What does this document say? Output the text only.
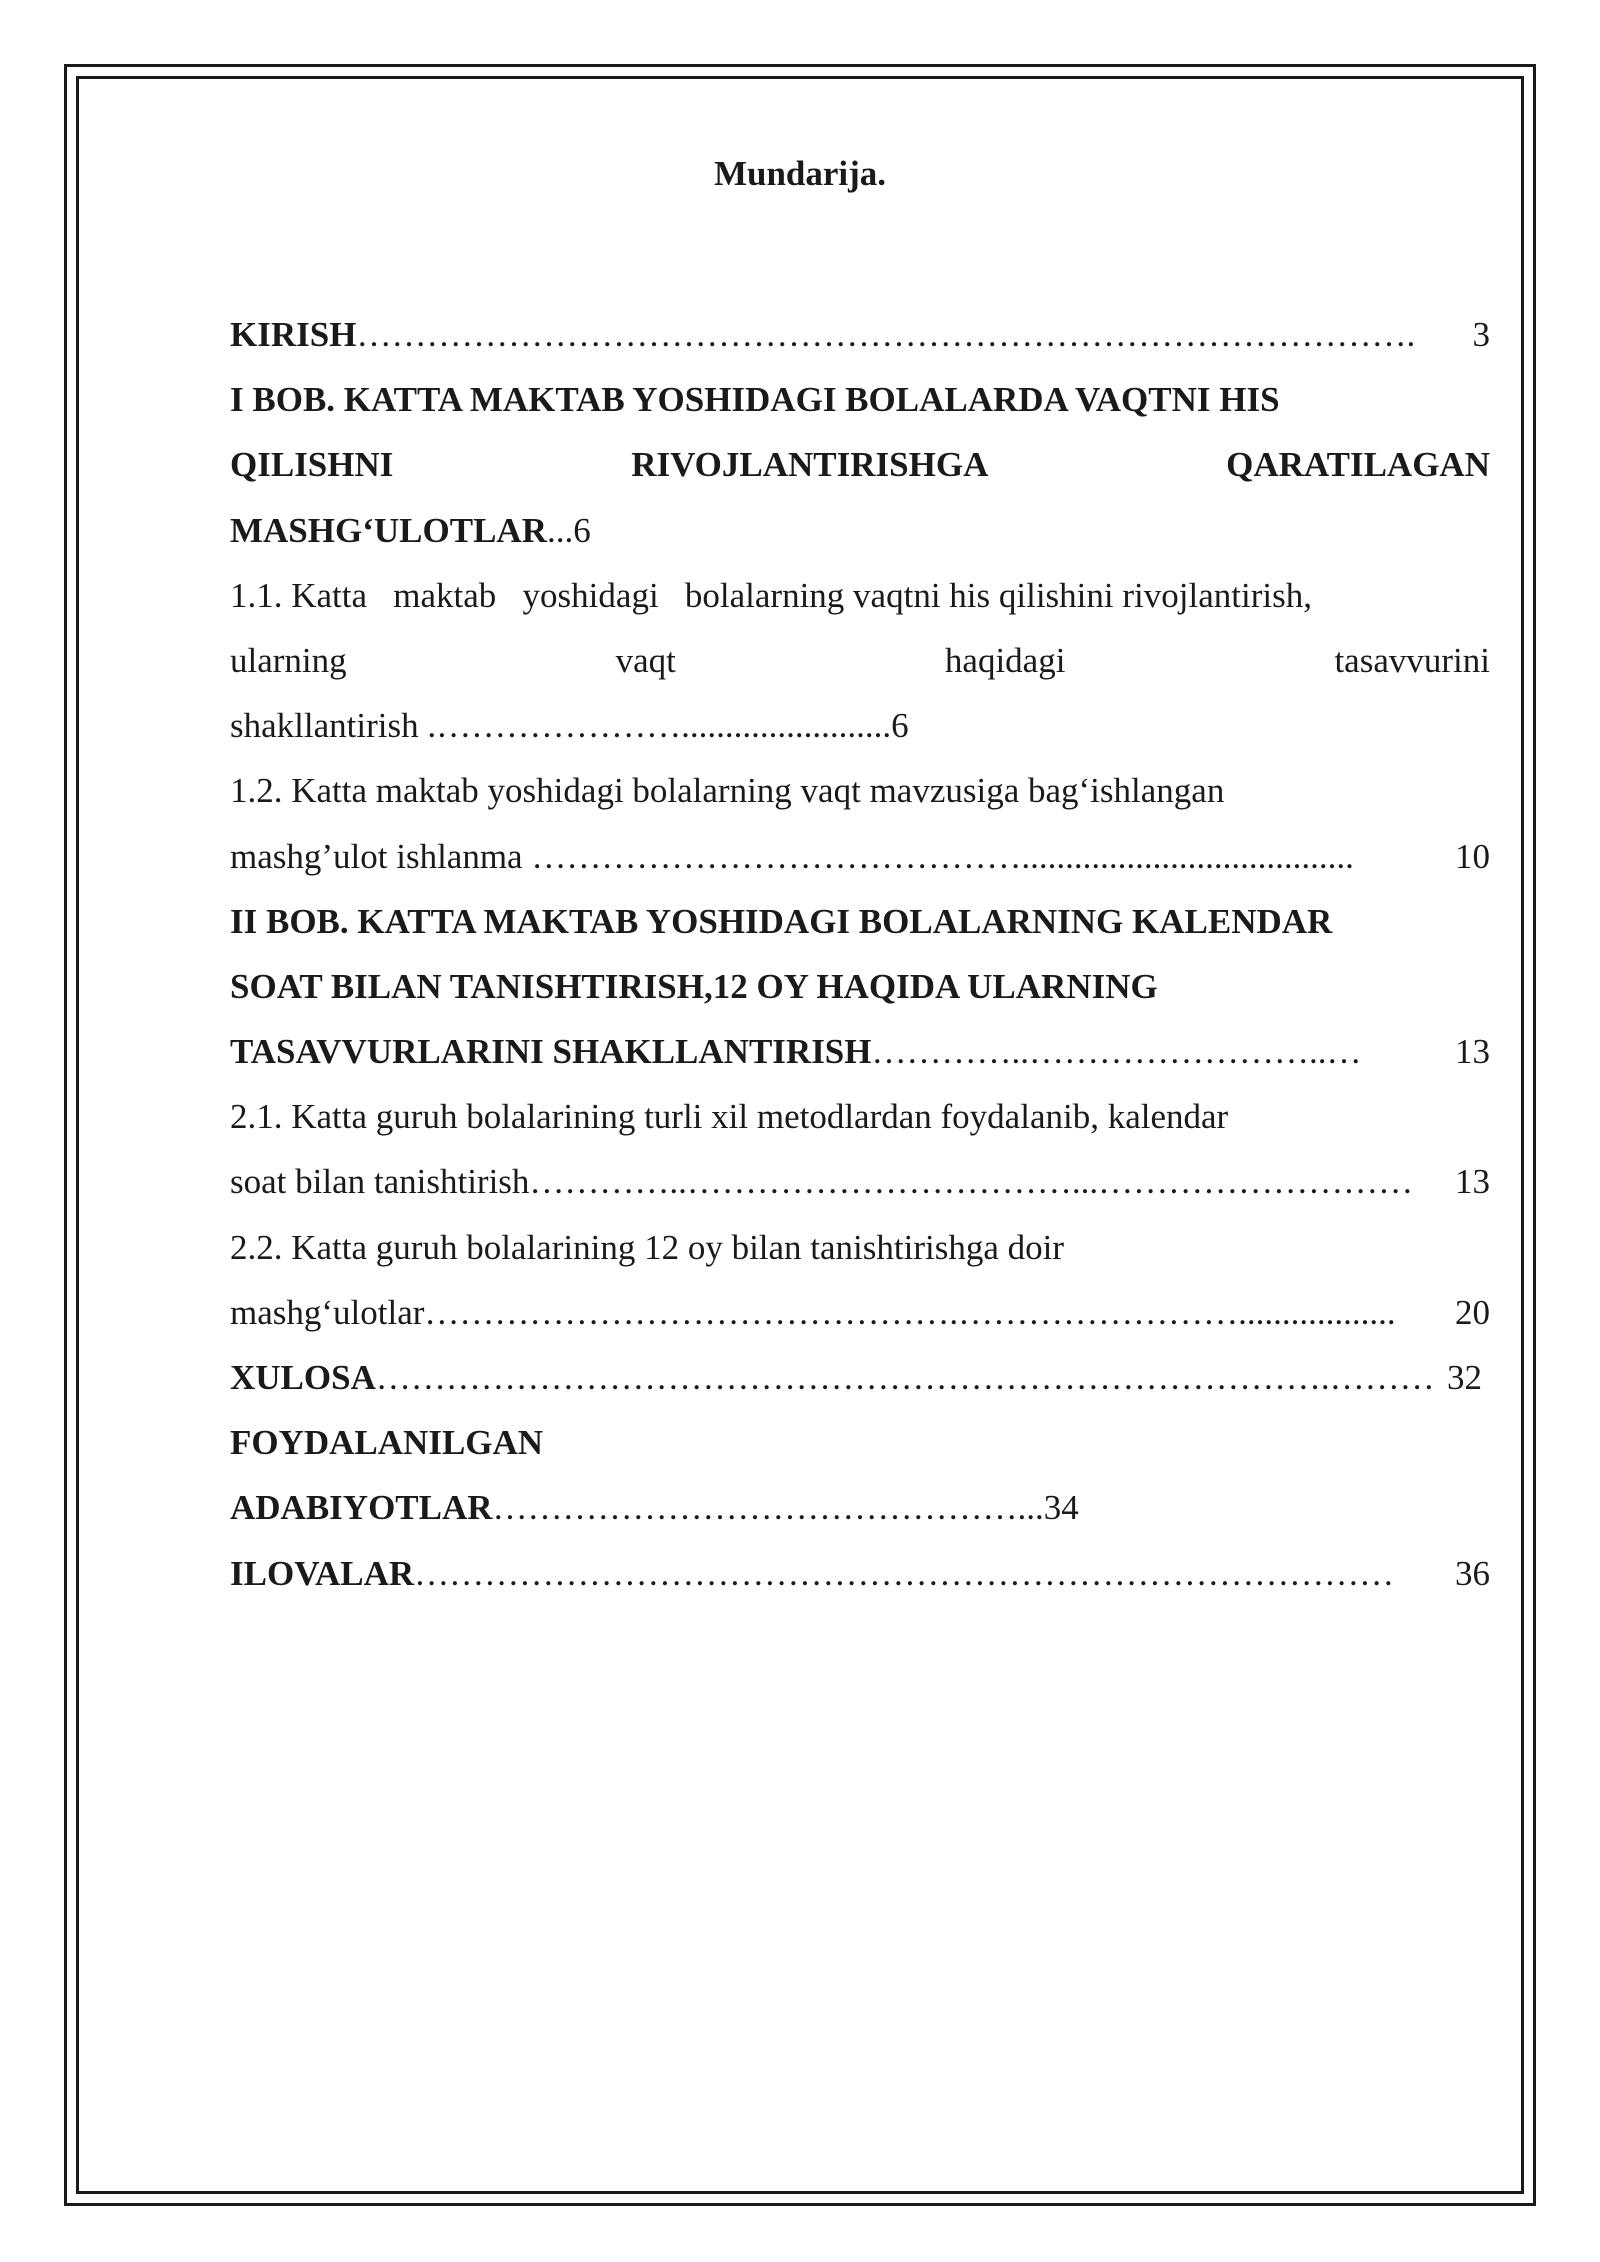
Mundarija.
KIRISH ……………………………………………………………………………….	3
I BOB. KATTA MAKTAB YOSHIDAGI BOLALARDA VAQTNI HIS
QILISHNI	RIVOJLANTIRISHGA	QARATILAGAN
MASHG‘ULOTLAR...6
1.1. Katta   maktab   yoshidagi   bolalarning vaqtni his qilishini rivojlantirish,
ularning	vaqt	haqidagi	tasavvurini
shakllantirish .…………………........................6
1.2. Katta maktab yoshidagi bolalarning vaqt mavzusiga bag‘ishlangan
mashg’ulot ishlanma ……………………………………......................................	10
II BOB. KATTA MAKTAB YOSHIDAGI BOLALARNING KALENDAR
SOAT BILAN TANISHTIRISH,12 OY HAQIDA ULARNING
TASAVVURLARINI SHAKLLANTIRISH …………..……………………..…	13
2.1. Katta guruh bolalarining turli xil metodlardan foydalanib, kalendar
soat bilan tanishtirish …………..……………………………...………………………	13
2.2. Katta guruh bolalarining 12 oy bilan tanishtirishga doir
mashg‘ulotlar ……………………………………….……………………..................	20
XULOSA ……………………………………………………………………….……… 32
FOYDALANILGAN
ADABIYOTLAR………………………………………...34
ILOVALAR …………………………………………………………………………	36
